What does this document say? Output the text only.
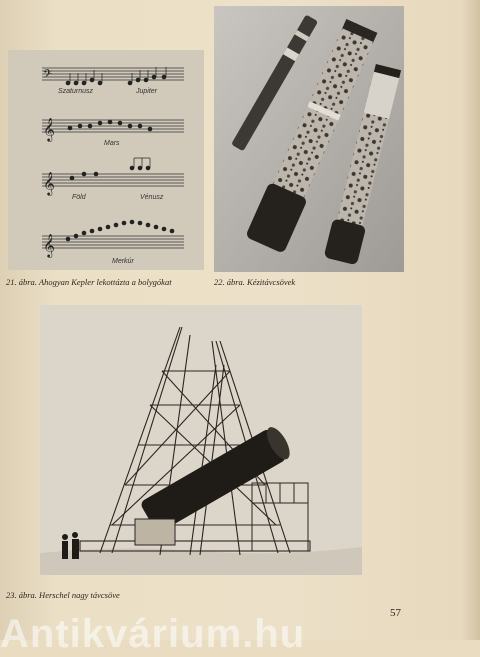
𝄢
𝄞
𝄞
𝄞
Szaturnusz	Jupiter
Mars
Föld	Vénusz
Merkúr
21. ábra. Ahogyan Kepler lekottázta a bolygókat	22. ábra. Kézitávcsövek
23. ábra. Herschel nagy távcsöve
57
Antikvárium.hu
